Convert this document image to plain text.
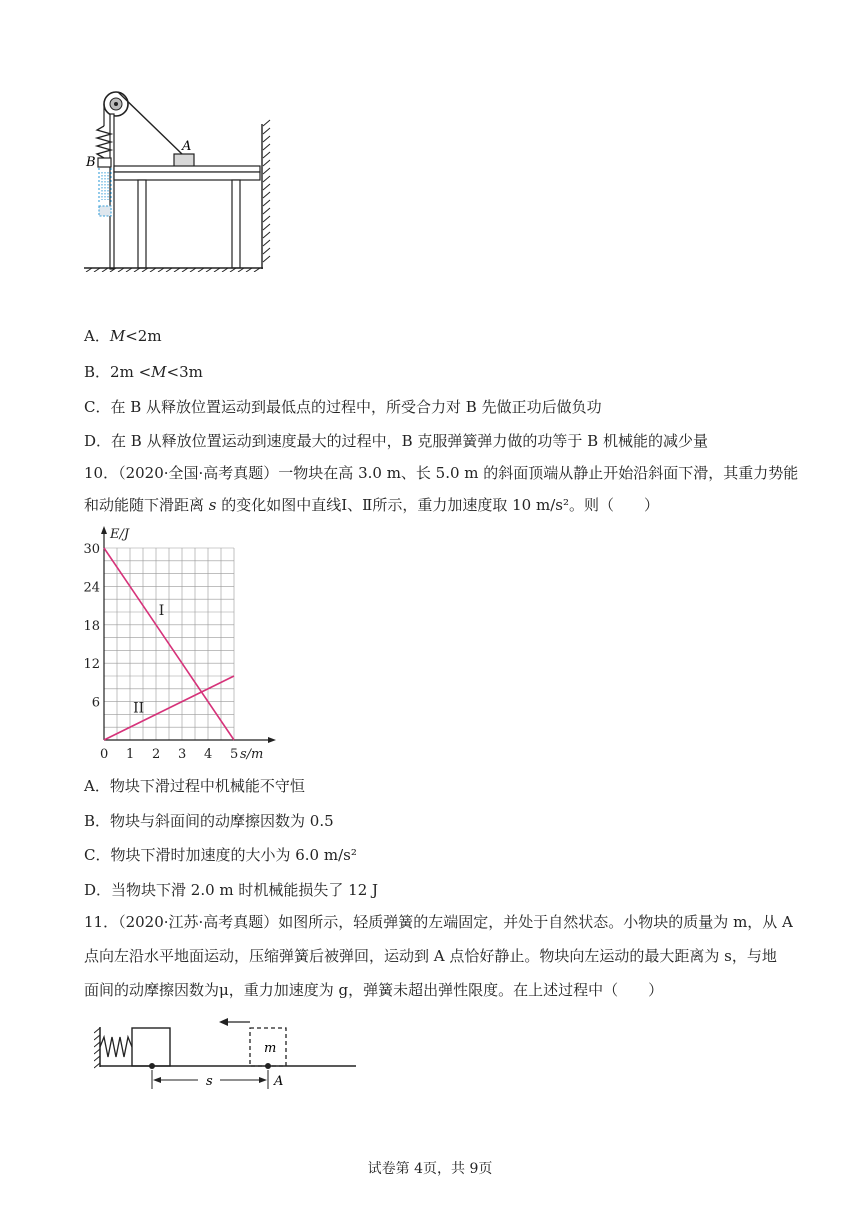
B
A
A．M<2m
B．2m <M<3m
C．在 B 从释放位置运动到最低点的过程中，所受合力对 B 先做正功后做负功
D．在 B 从释放位置运动到速度最大的过程中，B 克服弹簧弹力做的功等于 B 机械能的减少量
10．（2020·全国·高考真题）一物块在高 3.0 m、长 5.0 m 的斜面顶端从静止开始沿斜面下滑，其重力势能
和动能随下滑距离 s 的变化如图中直线Ⅰ、Ⅱ所示，重力加速度取 10 m/s²。则（　　）
0 1 2 3 4 5 s/m
6
12
18
24
30
E/J
I
II
A．物块下滑过程中机械能不守恒
B．物块与斜面间的动摩擦因数为 0.5
C．物块下滑时加速度的大小为 6.0 m/s²
D．当物块下滑 2.0 m 时机械能损失了 12 J
11．（2020·江苏·高考真题）如图所示，轻质弹簧的左端固定，并处于自然状态。小物块的质量为 m，从 A
点向左沿水平地面运动，压缩弹簧后被弹回，运动到 A 点恰好静止。物块向左运动的最大距离为 s，与地
面间的动摩擦因数为μ，重力加速度为 g，弹簧未超出弹性限度。在上述过程中（　　）
m
s	A
试卷第 4页，共 9页
